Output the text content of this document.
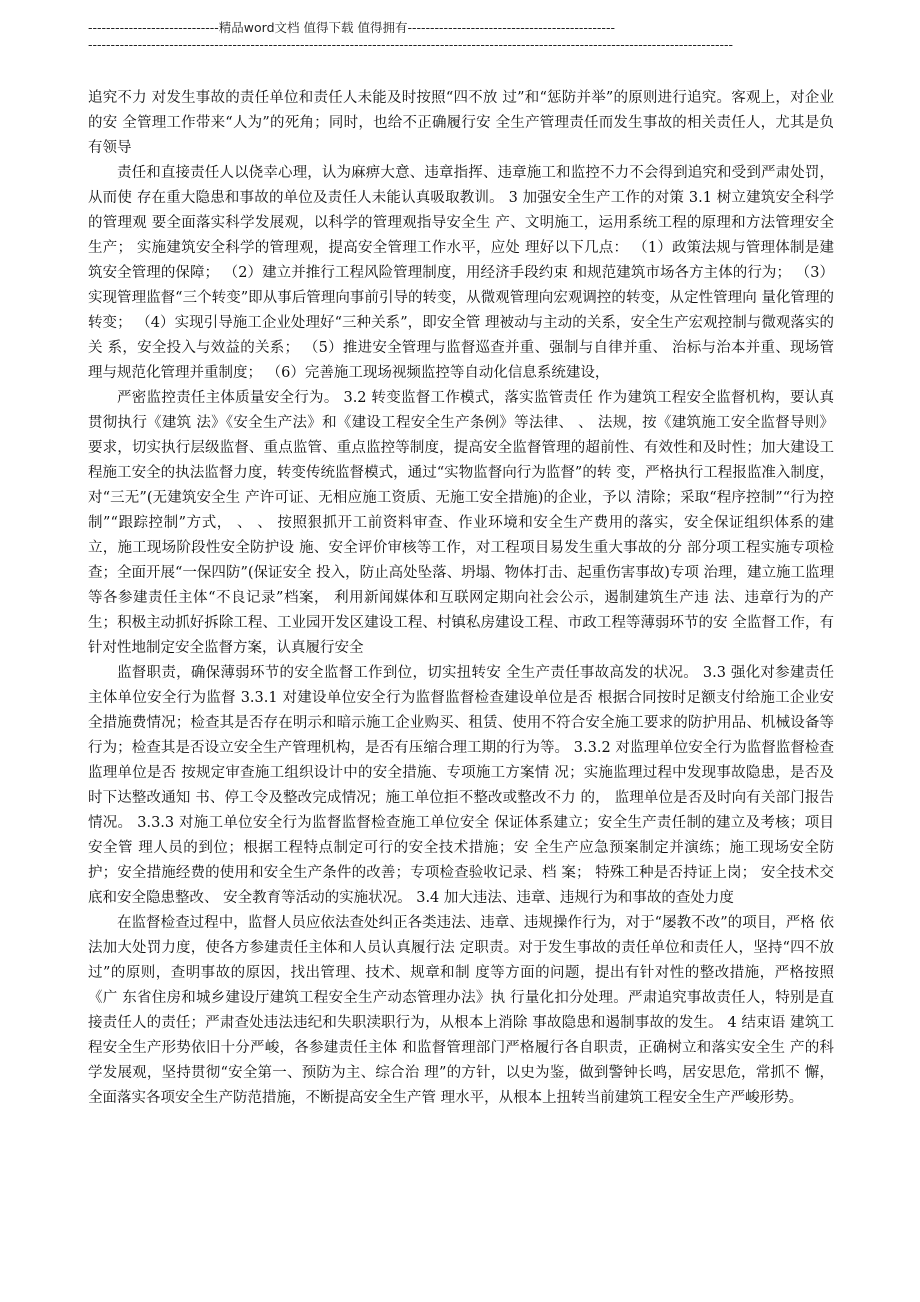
-----------------------------精品word文档 值得下载 值得拥有----------------------------------------------
-----------------------------------------------------------------------------------------------------------------------------------------------

追究不力 对发生事故的责任单位和责任人未能及时按照“四不放 过”和“惩防并举”的原则进行追究。客观上，对企业的安 全管理工作带来“人为”的死角；同时，也给不正确履行安 全生产管理责任而发生事故的相关责任人，尤其是负有领导

责任和直接责任人以侥幸心理，认为麻痹大意、违章指挥、违章施工和监控不力不会得到追究和受到严肃处罚，从而使 存在重大隐患和事故的单位及责任人未能认真吸取教训。 3 加强安全生产工作的对策 3.1 树立建筑安全科学的管理观 要全面落实科学发展观，以科学的管理观指导安全生 产、文明施工，运用系统工程的原理和方法管理安全生产； 实施建筑安全科学的管理观，提高安全管理工作水平，应处 理好以下几点： （1）政策法规与管理体制是建筑安全管理的保障； （2）建立并推行工程风险管理制度，用经济手段约束 和规范建筑市场各方主体的行为； （3）实现管理监督“三个转变”即从事后管理向事前引导的转变，从微观管理向宏观调控的转变，从定性管理向 量化管理的转变； （4）实现引导施工企业处理好“三种关系”，即安全管 理被动与主动的关系，安全生产宏观控制与微观落实的关 系，安全投入与效益的关系； （5）推进安全管理与监督巡查并重、强制与自律并重、 治标与治本并重、现场管理与规范化管理并重制度； （6）完善施工现场视频监控等自动化信息系统建设，

严密监控责任主体质量安全行为。 3.2 转变监督工作模式，落实监管责任 作为建筑工程安全监督机构，要认真贯彻执行《建筑 法》《安全生产法》和《建设工程安全生产条例》等法律、 、 法规，按《建筑施工安全监督导则》要求，切实执行层级监督、重点监管、重点监控等制度，提高安全监督管理的超前性、有效性和及时性；加大建设工程施工安全的执法监督力度，转变传统监督模式，通过“实物监督向行为监督”的转 变，严格执行工程报监准入制度，对“三无”(无建筑安全生 产许可证、无相应施工资质、无施工安全措施)的企业，予以 清除；采取“程序控制”“行为控制”“跟踪控制”方式， 、 、 按照狠抓开工前资料审查、作业环境和安全生产费用的落实，安全保证组织体系的建立，施工现场阶段性安全防护设 施、安全评价审核等工作，对工程项目易发生重大事故的分 部分项工程实施专项检查；全面开展“一保四防”(保证安全 投入，防止高处坠落、坍塌、物体打击、起重伤害事故)专项 治理，建立施工监理等各参建责任主体“不良记录”档案， 利用新闻媒体和互联网定期向社会公示，遏制建筑生产违 法、违章行为的产生；积极主动抓好拆除工程、工业园开发区建设工程、村镇私房建设工程、市政工程等薄弱环节的安 全监督工作，有针对性地制定安全监督方案，认真履行安全

监督职责，确保薄弱环节的安全监督工作到位，切实扭转安 全生产责任事故高发的状况。 3.3 强化对参建责任主体单位安全行为监督 3.3.1 对建设单位安全行为监督监督检查建设单位是否 根据合同按时足额支付给施工企业安全措施费情况；检查其是否存在明示和暗示施工企业购买、租赁、使用不符合安全施工要求的防护用品、机械设备等行为；检查其是否设立安全生产管理机构，是否有压缩合理工期的行为等。 3.3.2 对监理单位安全行为监督监督检查监理单位是否 按规定审查施工组织设计中的安全措施、专项施工方案情 况；实施监理过程中发现事故隐患，是否及时下达整改通知 书、停工令及整改完成情况；施工单位拒不整改或整改不力 的， 监理单位是否及时向有关部门报告情况。 3.3.3 对施工单位安全行为监督监督检查施工单位安全 保证体系建立；安全生产责任制的建立及考核；项目安全管 理人员的到位；根据工程特点制定可行的安全技术措施；安 全生产应急预案制定并演练；施工现场安全防护；安全措施经费的使用和安全生产条件的改善；专项检查验收记录、档 案； 特殊工种是否持证上岗； 安全技术交底和安全隐患整改、 安全教育等活动的实施状况。 3.4 加大违法、违章、违规行为和事故的查处力度

在监督检查过程中，监督人员应依法查处纠正各类违法、违章、违规操作行为，对于“屡教不改”的项目，严格 依法加大处罚力度，使各方参建责任主体和人员认真履行法 定职责。对于发生事故的责任单位和责任人，坚持“四不放 过”的原则，查明事故的原因，找出管理、技术、规章和制 度等方面的问题，提出有针对性的整改措施，严格按照《广 东省住房和城乡建设厅建筑工程安全生产动态管理办法》执 行量化扣分处理。严肃追究事故责任人，特别是直接责任人的责任；严肃查处违法违纪和失职渎职行为，从根本上消除 事故隐患和遏制事故的发生。 4 结束语 建筑工程安全生产形势依旧十分严峻，各参建责任主体 和监督管理部门严格履行各自职责，正确树立和落实安全生 产的科学发展观，坚持贯彻“安全第一、预防为主、综合治 理”的方针，以史为鉴，做到警钟长鸣，居安思危，常抓不 懈，全面落实各项安全生产防范措施，不断提高安全生产管 理水平，从根本上扭转当前建筑工程安全生产严峻形势。
